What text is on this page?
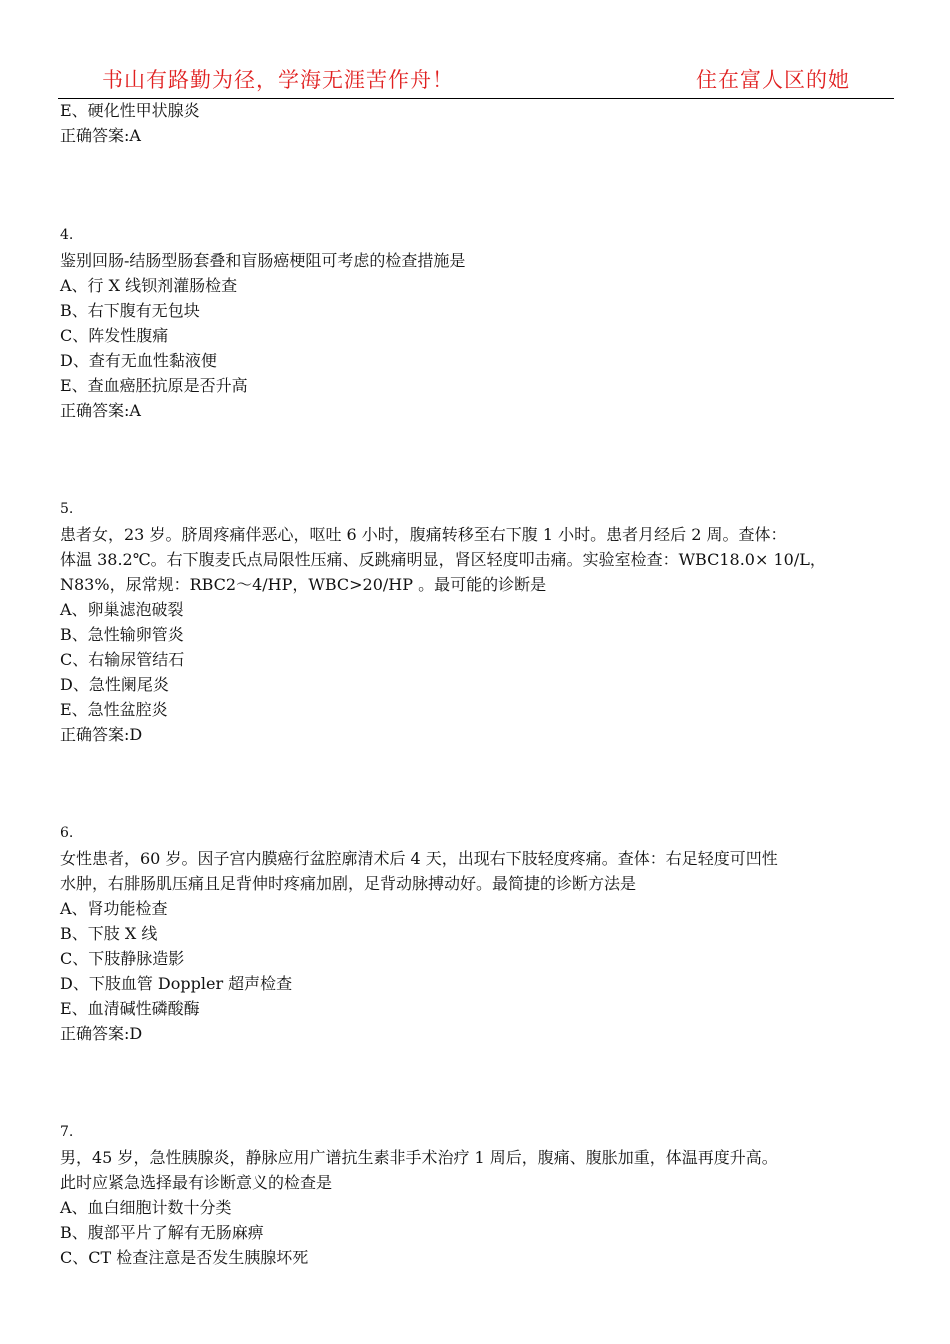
书山有路勤为径，学海无涯苦作舟！	住在富人区的她
E、硬化性甲状腺炎
正确答案:A
4.
鉴别回肠-结肠型肠套叠和盲肠癌梗阻可考虑的检查措施是
A、行 X 线钡剂灌肠检查
B、右下腹有无包块
C、阵发性腹痛
D、查有无血性黏液便
E、查血癌胚抗原是否升高
正确答案:A
5.
患者女，23 岁。脐周疼痛伴恶心，呕吐 6 小时，腹痛转移至右下腹 1 小时。患者月经后 2 周。查体：
体温 38.2℃。右下腹麦氏点局限性压痛、反跳痛明显，肾区轻度叩击痛。实验室检查：WBC18.0× 10/L，
N83%，尿常规：RBC2～4/HP，WBC>20/HP 。最可能的诊断是
A、卵巢滤泡破裂
B、急性输卵管炎
C、右输尿管结石
D、急性阑尾炎
E、急性盆腔炎
正确答案:D
6.
女性患者，60 岁。因子宫内膜癌行盆腔廓清术后 4 天，出现右下肢轻度疼痛。查体：右足轻度可凹性
水肿，右腓肠肌压痛且足背伸时疼痛加剧，足背动脉搏动好。最简捷的诊断方法是
A、肾功能检查
B、下肢 X 线
C、下肢静脉造影
D、下肢血管 Doppler 超声检查
E、血清碱性磷酸酶
正确答案:D
7.
男，45 岁，急性胰腺炎，静脉应用广谱抗生素非手术治疗 1 周后，腹痛、腹胀加重，体温再度升高。
此时应紧急选择最有诊断意义的检查是
A、血白细胞计数十分类
B、腹部平片了解有无肠麻痹
C、CT 检查注意是否发生胰腺坏死
